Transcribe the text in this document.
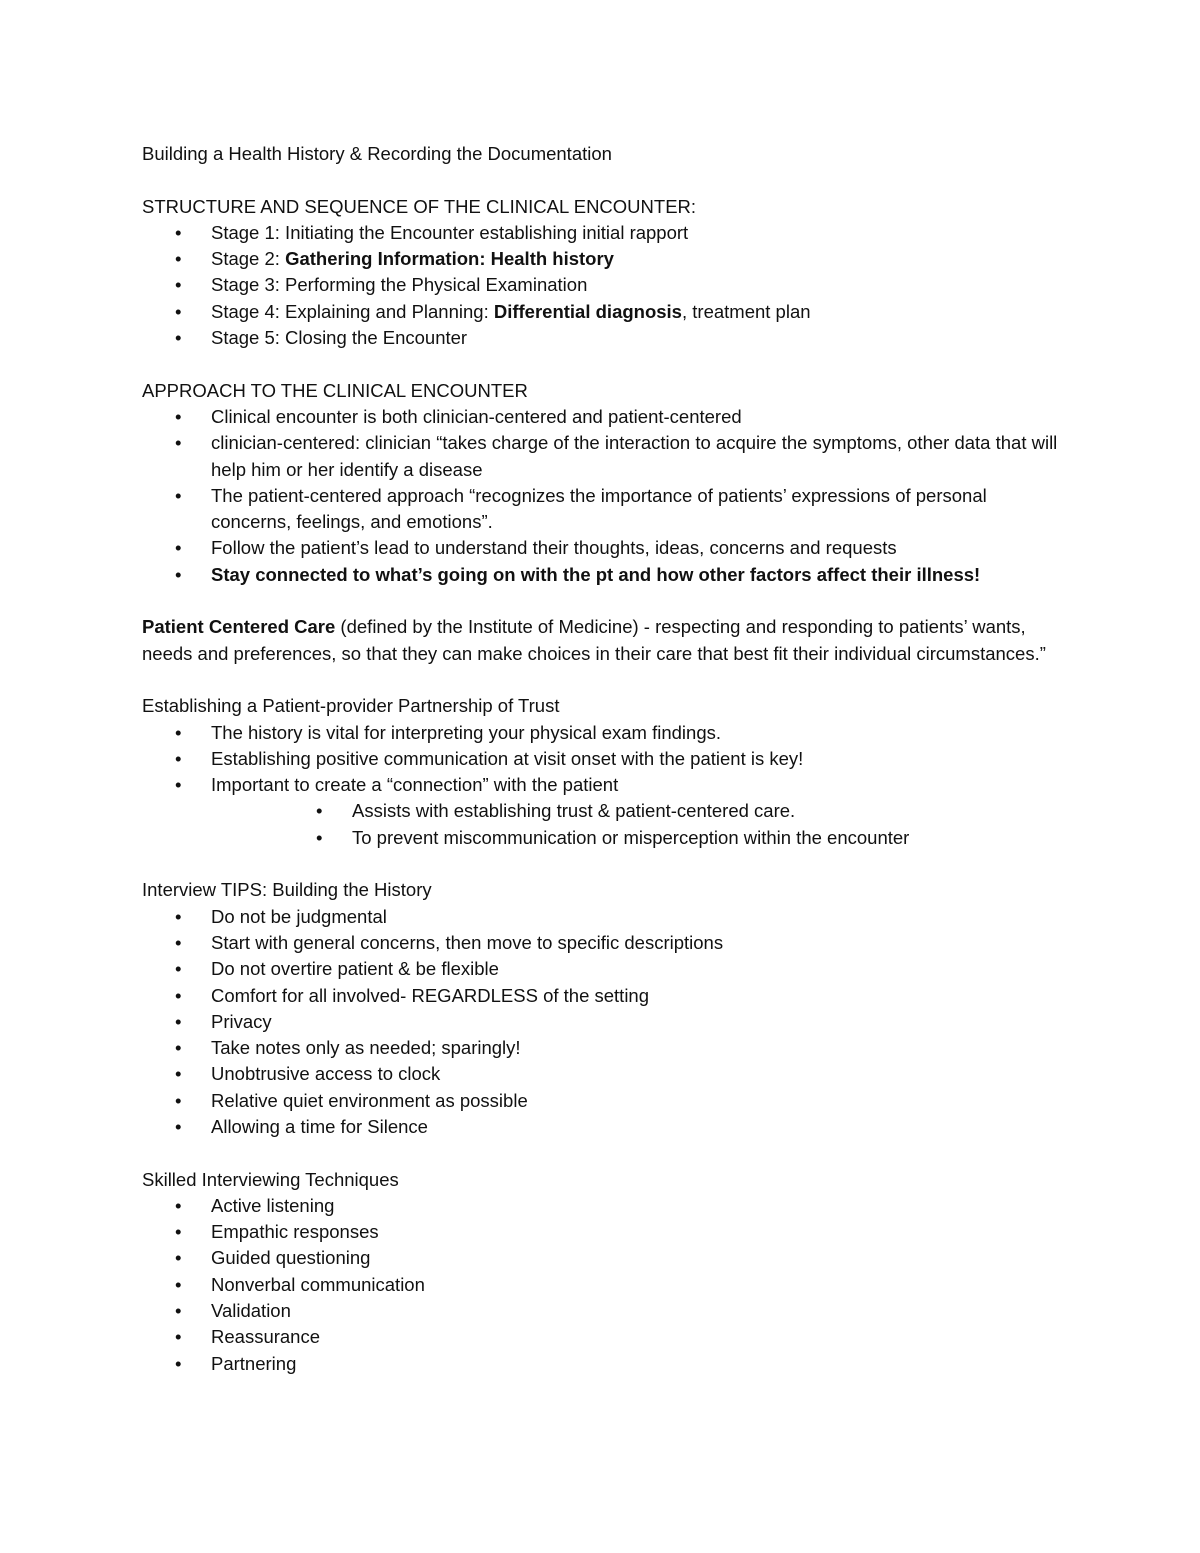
Building a Health History & Recording the Documentation

STRUCTURE AND SEQUENCE OF THE CLINICAL ENCOUNTER:

• Stage 1: Initiating the Encounter establishing initial rapport
• Stage 2: Gathering Information: Health history
• Stage 3: Performing the Physical Examination
• Stage 4: Explaining and Planning: Differential diagnosis, treatment plan
• Stage 5: Closing the Encounter

APPROACH TO THE CLINICAL ENCOUNTER

• Clinical encounter is both clinician-centered and patient-centered
• clinician-centered: clinician “takes charge of the interaction to acquire the symptoms, other data that will help him or her identify a disease
• The patient-centered approach “recognizes the importance of patients’ expressions of personal concerns, feelings, and emotions”.
• Follow the patient’s lead to understand their thoughts, ideas, concerns and requests
• Stay connected to what’s going on with the pt and how other factors affect their illness!

Patient Centered Care (defined by the Institute of Medicine) - respecting and responding to patients’ wants, needs and preferences, so that they can make choices in their care that best fit their individual circumstances.”

Establishing a Patient-provider Partnership of Trust

• The history is vital for interpreting your physical exam findings.
• Establishing positive communication at visit onset with the patient is key!
• Important to create a “connection” with the patient
• Assists with establishing trust & patient-centered care.
• To prevent miscommunication or misperception within the encounter

Interview TIPS: Building the History

• Do not be judgmental
• Start with general concerns, then move to specific descriptions
• Do not overtire patient & be flexible
• Comfort for all involved- REGARDLESS of the setting
• Privacy
• Take notes only as needed; sparingly!
• Unobtrusive access to clock
• Relative quiet environment as possible
• Allowing a time for Silence

Skilled Interviewing Techniques

• Active listening
• Empathic responses
• Guided questioning
• Nonverbal communication
• Validation
• Reassurance
• Partnering
